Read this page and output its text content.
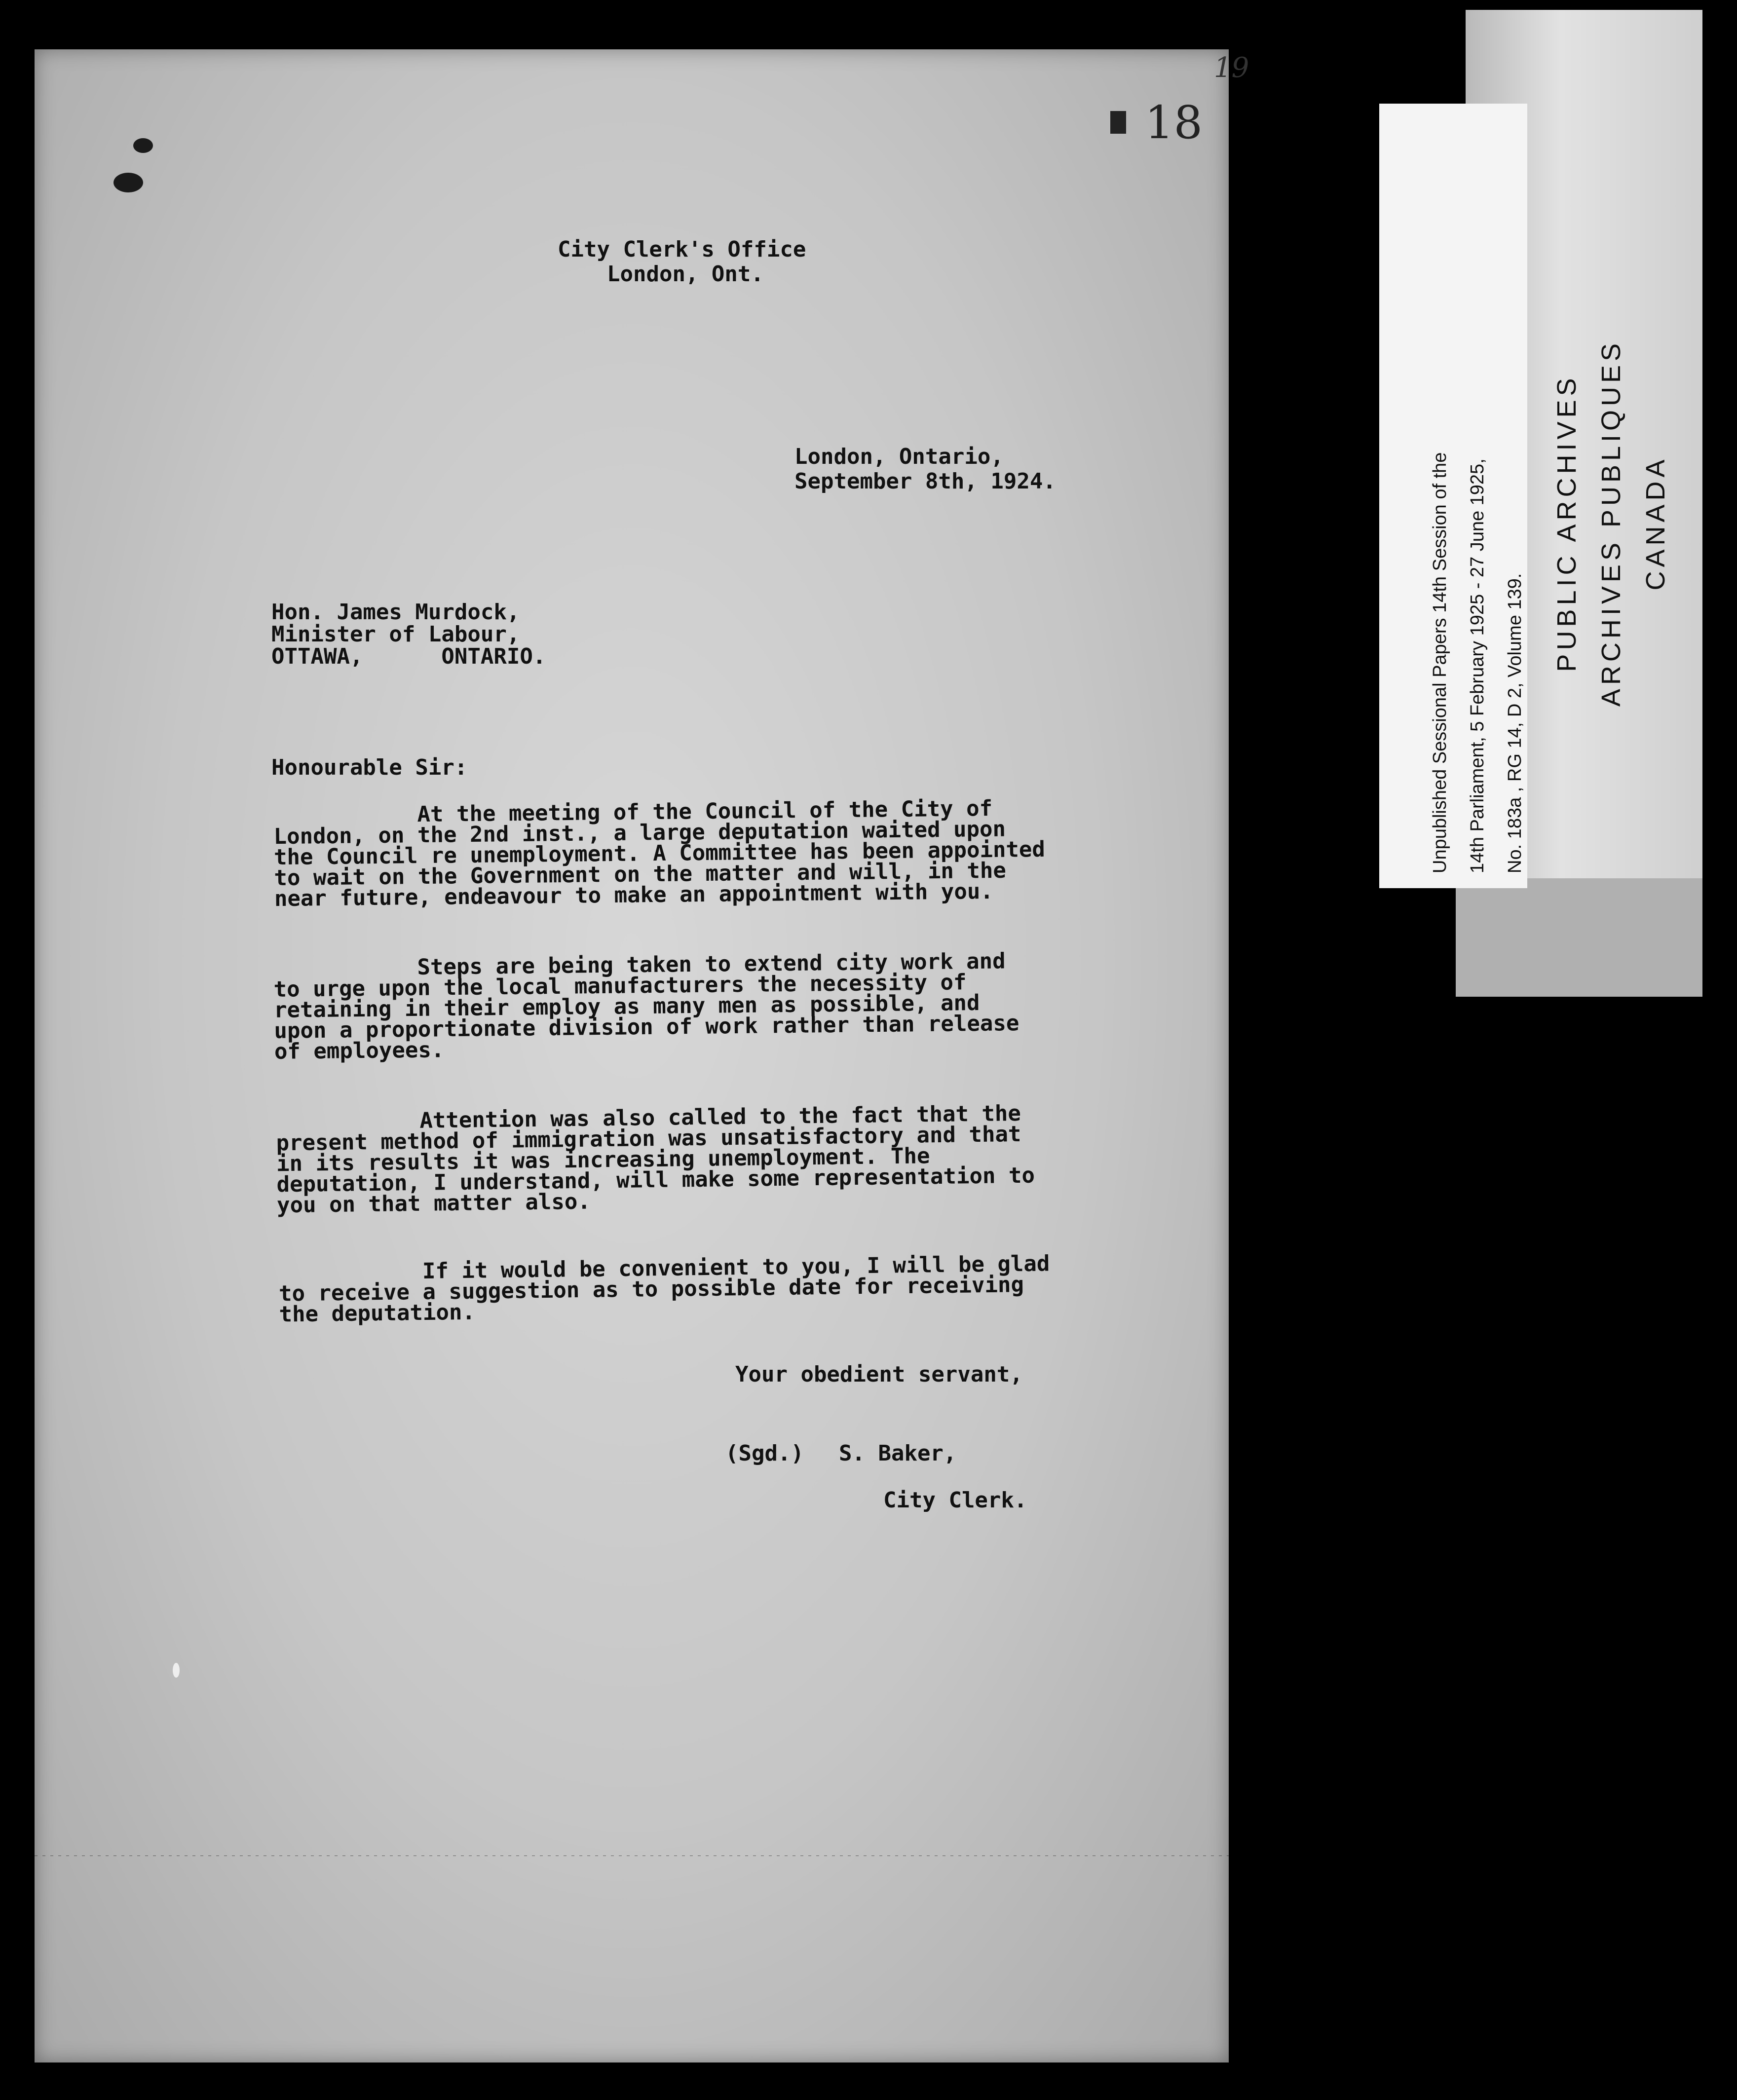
18
19
City Clerk's Office
London, Ont.
London, Ontario,
September 8th, 1924.
Hon. James Murdock,
Minister of Labour,
OTTAWA,      ONTARIO.
Honourable Sir:
At the meeting of the Council of the City of
London, on the 2nd inst., a large deputation waited upon
the Council re unemployment. A Committee has been appointed
to wait on the Government on the matter and will, in the
near future, endeavour to make an appointment with you.
Steps are being taken to extend city work and
to urge upon the local manufacturers the necessity of
retaining in their employ as many men as possible, and
upon a proportionate division of work rather than release
of employees.
Attention was also called to the fact that the
present method of immigration was unsatisfactory and that
in its results it was increasing unemployment. The
deputation, I understand, will make some representation to
you on that matter also.
If it would be convenient to you, I will be glad
to receive a suggestion as to possible date for receiving
the deputation.
Your obedient servant,
(Sgd.) S. Baker,
City Clerk.
Unpublished Sessional Papers 14th Session of the
14th Parliament, 5 February 1925 - 27 June 1925,
No. 183a , RG 14, D 2, Volume 139.	PUBLIC ARCHIVES
ARCHIVES PUBLIQUES
CANADA
